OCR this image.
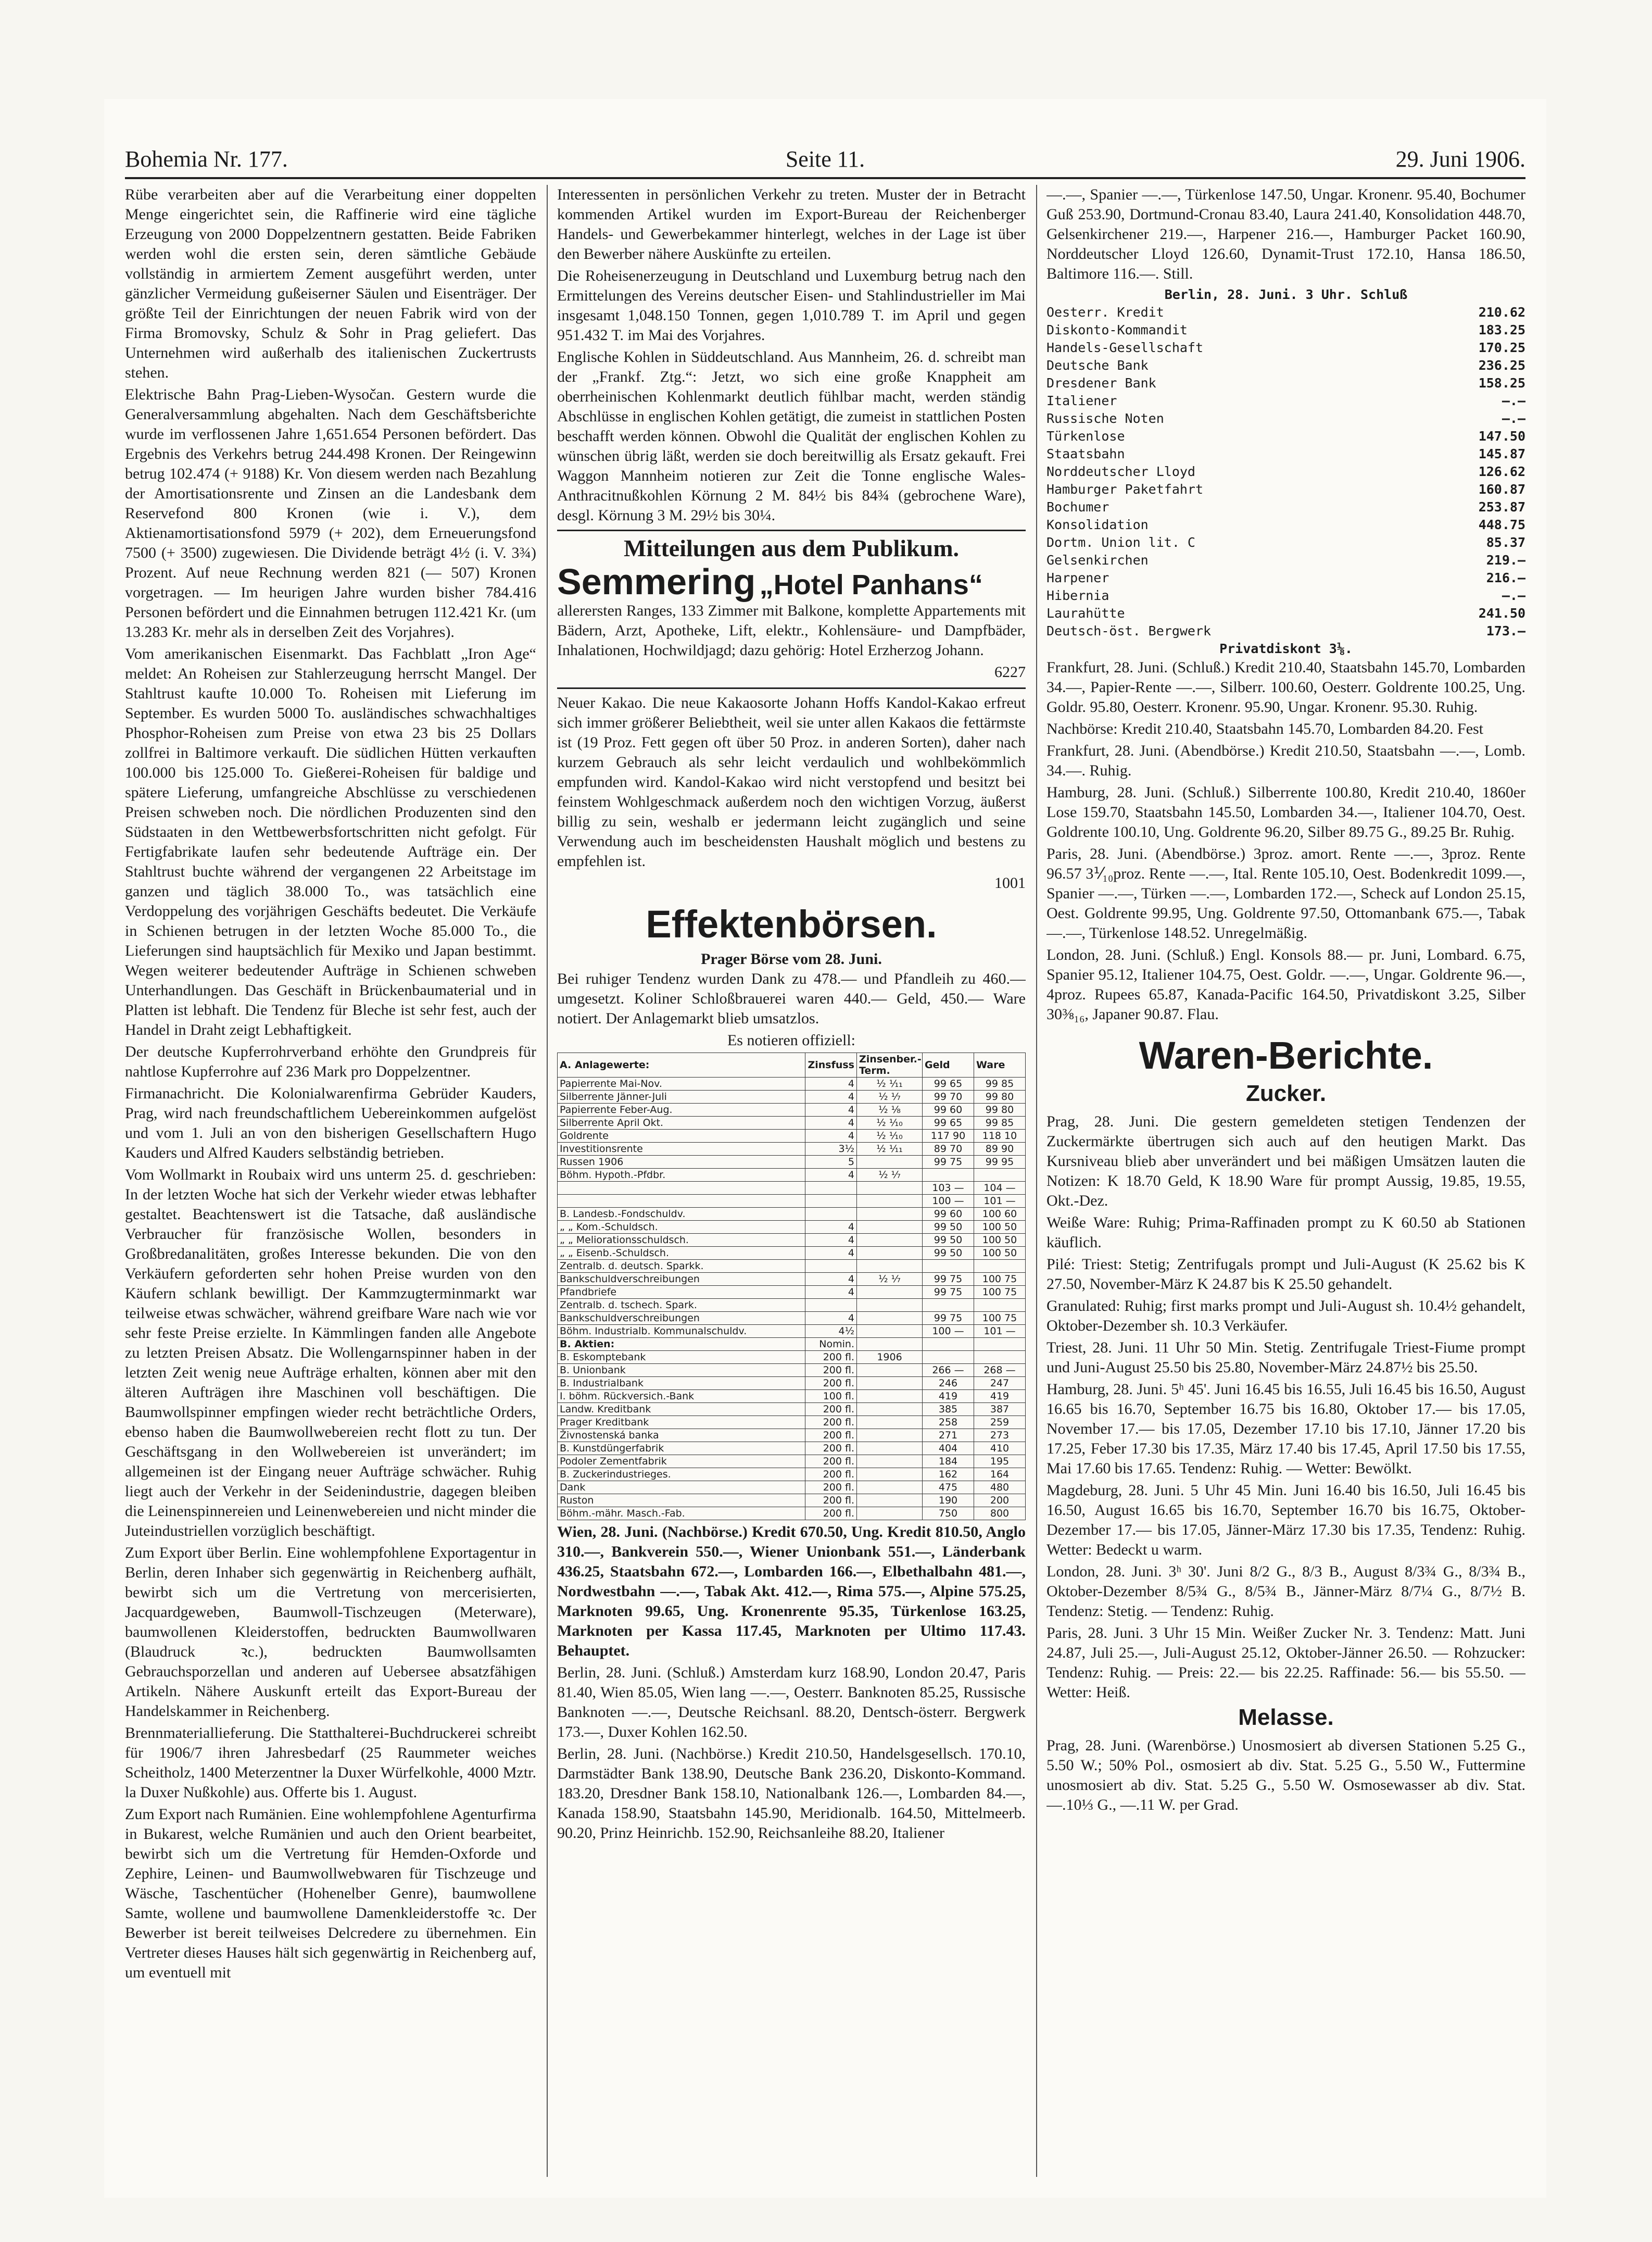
Bohemia Nr. 177.	Seite 11.	29. Juni 1906.

Rübe verarbeiten aber auf die Verarbeitung einer doppelten Menge eingerichtet sein, die Raffinerie wird eine tägliche Erzeugung von 2000 Doppelzentnern gestatten. Beide Fabriken werden wohl die ersten sein, deren sämtliche Gebäude vollständig in armiertem Zement ausgeführt werden, unter gänzlicher Vermeidung gußeiserner Säulen und Eisenträger. Der größte Teil der Einrichtungen der neuen Fabrik wird von der Firma Bromovsky, Schulz & Sohr in Prag geliefert. Das Unternehmen wird außerhalb des italienischen Zuckertrusts stehen.

Elektrische Bahn Prag-Lieben-Wysočan. Gestern wurde die Generalversammlung abgehalten. Nach dem Geschäftsberichte wurde im verflossenen Jahre 1,651.654 Personen befördert. Das Ergebnis des Verkehrs betrug 244.498 Kronen. Der Reingewinn betrug 102.474 (+ 9188) Kr. Von diesem werden nach Bezahlung der Amortisationsrente und Zinsen an die Landesbank dem Reservefond 800 Kronen (wie i. V.), dem Aktienamortisationsfond 5979 (+ 202), dem Erneuerungsfond 7500 (+ 3500) zugewiesen. Die Dividende beträgt 4½ (i. V. 3¾) Prozent. Auf neue Rechnung werden 821 (— 507) Kronen vorgetragen. — Im heurigen Jahre wurden bisher 784.416 Personen befördert und die Einnahmen betrugen 112.421 Kr. (um 13.283 Kr. mehr als in derselben Zeit des Vorjahres).

Vom amerikanischen Eisenmarkt. Das Fachblatt „Iron Age“ meldet: An Roheisen zur Stahlerzeugung herrscht Mangel. Der Stahltrust kaufte 10.000 To. Roheisen mit Lieferung im September. Es wurden 5000 To. ausländisches schwachhaltiges Phosphor-Roheisen zum Preise von etwa 23 bis 25 Dollars zollfrei in Baltimore verkauft. Die südlichen Hütten verkauften 100.000 bis 125.000 To. Gießerei-Roheisen für baldige und spätere Lieferung, umfangreiche Abschlüsse zu verschiedenen Preisen schweben noch. Die nördlichen Produzenten sind den Südstaaten in den Wettbewerbsfortschritten nicht gefolgt. Für Fertigfabrikate laufen sehr bedeutende Aufträge ein. Der Stahltrust buchte während der vergangenen 22 Arbeitstage im ganzen und täglich 38.000 To., was tatsächlich eine Verdoppelung des vorjährigen Geschäfts bedeutet. Die Verkäufe in Schienen betrugen in der letzten Woche 85.000 To., die Lieferungen sind hauptsächlich für Mexiko und Japan bestimmt. Wegen weiterer bedeutender Aufträge in Schienen schweben Unterhandlungen. Das Geschäft in Brückenbaumaterial und in Platten ist lebhaft. Die Tendenz für Bleche ist sehr fest, auch der Handel in Draht zeigt Lebhaftigkeit.

Der deutsche Kupferrohrverband erhöhte den Grundpreis für nahtlose Kupferrohre auf 236 Mark pro Doppelzentner.

Firmanachricht. Die Kolonialwarenfirma Gebrüder Kauders, Prag, wird nach freundschaftlichem Uebereinkommen aufgelöst und vom 1. Juli an von den bisherigen Gesellschaftern Hugo Kauders und Alfred Kauders selbständig betrieben.

Vom Wollmarkt in Roubaix wird uns unterm 25. d. geschrieben: In der letzten Woche hat sich der Verkehr wieder etwas lebhafter gestaltet. Beachtenswert ist die Tatsache, daß ausländische Verbraucher für französische Wollen, besonders in Großbredanalitäten, großes Interesse bekunden. Die von den Verkäufern geforderten sehr hohen Preise wurden von den Käufern schlank bewilligt. Der Kammzugterminmarkt war teilweise etwas schwächer, während greifbare Ware nach wie vor sehr feste Preise erzielte. In Kämmlingen fanden alle Angebote zu letzten Preisen Absatz. Die Wollengarnspinner haben in der letzten Zeit wenig neue Aufträge erhalten, können aber mit den älteren Aufträgen ihre Maschinen voll beschäftigen. Die Baumwollspinner empfingen wieder recht beträchtliche Orders, ebenso haben die Baumwollwebereien recht flott zu tun. Der Geschäftsgang in den Wollwebereien ist unverändert; im allgemeinen ist der Eingang neuer Aufträge schwächer. Ruhig liegt auch der Verkehr in der Seidenindustrie, dagegen bleiben die Leinenspinnereien und Leinenwebereien und nicht minder die Juteindustriellen vorzüglich beschäftigt.

Zum Export über Berlin. Eine wohlempfohlene Exportagentur in Berlin, deren Inhaber sich gegenwärtig in Reichenberg aufhält, bewirbt sich um die Vertretung von mercerisierten, Jacquardgeweben, Baumwoll-Tischzeugen (Meterware), baumwollenen Kleiderstoffen, bedruckten Baumwollwaren (Blaudruck ꝛc.), bedruckten Baumwollsamten Gebrauchsporzellan und anderen auf Uebersee absatzfähigen Artikeln. Nähere Auskunft erteilt das Export-Bureau der Handelskammer in Reichenberg.

Brennmateriallieferung. Die Statthalterei-Buchdruckerei schreibt für 1906/7 ihren Jahresbedarf (25 Raummeter weiches Scheitholz, 1400 Meterzentner la Duxer Würfelkohle, 4000 Mztr. la Duxer Nußkohle) aus. Offerte bis 1. August.

Zum Export nach Rumänien. Eine wohlempfohlene Agenturfirma in Bukarest, welche Rumänien und auch den Orient bearbeitet, bewirbt sich um die Vertretung für Hemden-Oxforde und Zephire, Leinen- und Baumwollwebwaren für Tischzeuge und Wäsche, Taschentücher (Hohenelber Genre), baumwollene Samte, wollene und baumwollene Damenkleiderstoffe ꝛc. Der Bewerber ist bereit teilweises Delcredere zu übernehmen. Ein Vertreter dieses Hauses hält sich gegenwärtig in Reichenberg auf, um eventuell mit

Interessenten in persönlichen Verkehr zu treten. Muster der in Betracht kommenden Artikel wurden im Export-Bureau der Reichenberger Handels- und Gewerbekammer hinterlegt, welches in der Lage ist über den Bewerber nähere Auskünfte zu erteilen.

Die Roheisenerzeugung in Deutschland und Luxemburg betrug nach den Ermittelungen des Vereins deutscher Eisen- und Stahlindustrieller im Mai insgesamt 1,048.150 Tonnen, gegen 1,010.789 T. im April und gegen 951.432 T. im Mai des Vorjahres.

Englische Kohlen in Süddeutschland. Aus Mannheim, 26. d. schreibt man der „Frankf. Ztg.“: Jetzt, wo sich eine große Knappheit am oberrheinischen Kohlenmarkt deutlich fühlbar macht, werden ständig Abschlüsse in englischen Kohlen getätigt, die zumeist in stattlichen Posten beschafft werden können. Obwohl die Qualität der englischen Kohlen zu wünschen übrig läßt, werden sie doch bereitwillig als Ersatz gekauft. Frei Waggon Mannheim notieren zur Zeit die Tonne englische Wales-Anthracitnußkohlen Körnung 2 M. 84½ bis 84¾ (gebrochene Ware), desgl. Körnung 3 M. 29½ bis 30¼.

Mitteilungen aus dem Publikum.
Semmering „Hotel Panhans“

allerersten Ranges, 133 Zimmer mit Balkone, komplette Appartements mit Bädern, Arzt, Apotheke, Lift, elektr., Kohlensäure- und Dampfbäder, Inhalationen, Hochwildjagd; dazu gehörig: Hotel Erzherzog Johann.

6227

Neuer Kakao. Die neue Kakaosorte Johann Hoffs Kandol-Kakao erfreut sich immer größerer Beliebtheit, weil sie unter allen Kakaos die fettärmste ist (19 Proz. Fett gegen oft über 50 Proz. in anderen Sorten), daher nach kurzem Gebrauch als sehr leicht verdaulich und wohlbekömmlich empfunden wird. Kandol-Kakao wird nicht verstopfend und besitzt bei feinstem Wohlgeschmack außerdem noch den wichtigen Vorzug, äußerst billig zu sein, weshalb er jedermann leicht zugänglich und seine Verwendung auch im bescheidensten Haushalt möglich und bestens zu empfehlen ist.

1001

Effektenbörsen.
Prager Börse vom 28. Juni.

Bei ruhiger Tendenz wurden Dank zu 478.— und Pfandleih zu 460.— umgesetzt. Koliner Schloßbrauerei waren 440.— Geld, 450.— Ware notiert. Der Anlagemarkt blieb umsatzlos.

Es notieren offiziell:
A. Anlagewerte:	Zinsfuss	Zinsenber.-Term.	Geld	Ware
Papierrente Mai-Nov.	4	½ ⅟₁₁	99 65	99 85
Silberrente Jänner-Juli	4	½ ⅟₇	99 70	99 80
Papierrente Feber-Aug.	4	½ ⅟₈	99 60	99 80
Silberrente April Okt.	4	½ ⅟₁₀	99 65	99 85
Goldrente	4	½ ⅟₁₀	117 90	118 10
Investitionsrente	3½	½ ⅟₁₁	89 70	89 90
Russen 1906	5		99 75	99 95
Böhm. Hypoth.-Pfdbr.	4	½ ⅟₇		
			103 —	104 —
			100 —	101 —
B. Landesb.-Fondschuldv.			99 60	100 60
„ „ Kom.-Schuldsch.	4		99 50	100 50
„ „ Meliorationsschuldsch.	4		99 50	100 50
„ „ Eisenb.-Schuldsch.	4		99 50	100 50
Zentralb. d. deutsch. Sparkk.				
Bankschuldverschreibungen	4	½ ⅟₇	99 75	100 75
Pfandbriefe	4		99 75	100 75
Zentralb. d. tschech. Spark.				
Bankschuldverschreibungen	4		99 75	100 75
Böhm. Industrialb. Kommunalschuldv.	4½		100 —	101 —
B. Aktien:	Nomin.			
B. Eskomptebank	200 fl.	1906		
B. Unionbank	200 fl.		266 —	268 —
B. Industrialbank	200 fl.		246	247
I. böhm. Rückversich.-Bank	100 fl.		419	419
Landw. Kreditbank	200 fl.		385	387
Prager Kreditbank	200 fl.		258	259
Živnostenská banka	200 fl.		271	273
B. Kunstdüngerfabrik	200 fl.		404	410
Podoler Zementfabrik	200 fl.		184	195
B. Zuckerindustrieges.	200 fl.		162	164
Dank	200 fl.		475	480
Ruston	200 fl.		190	200
Böhm.-mähr. Masch.-Fab.	200 fl.		750	800

Wien, 28. Juni. (Nachbörse.) Kredit 670.50, Ung. Kredit 810.50, Anglo 310.—, Bankverein 550.—, Wiener Unionbank 551.—, Länderbank 436.25, Staatsbahn 672.—, Lombarden 166.—, Elbethalbahn 481.—, Nordwestbahn —.—, Tabak Akt. 412.—, Rima 575.—, Alpine 575.25, Marknoten 99.65, Ung. Kronenrente 95.35, Türkenlose 163.25, Marknoten per Kassa 117.45, Marknoten per Ultimo 117.43. Behauptet.

Berlin, 28. Juni. (Schluß.) Amsterdam kurz 168.90, London 20.47, Paris 81.40, Wien 85.05, Wien lang —.—, Oesterr. Banknoten 85.25, Russische Banknoten —.—, Deutsche Reichsanl. 88.20, Dentsch-österr. Bergwerk 173.—, Duxer Kohlen 162.50.

Berlin, 28. Juni. (Nachbörse.) Kredit 210.50, Handelsgesellsch. 170.10, Darmstädter Bank 138.90, Deutsche Bank 236.20, Diskonto-Kommand. 183.20, Dresdner Bank 158.10, Nationalbank 126.—, Lombarden 84.—, Kanada 158.90, Staatsbahn 145.90, Meridionalb. 164.50, Mittelmeerb. 90.20, Prinz Heinrichb. 152.90, Reichsanleihe 88.20, Italiener

—.—, Spanier —.—, Türkenlose 147.50, Ungar. Kronenr. 95.40, Bochumer Guß 253.90, Dortmund-Cronau 83.40, Laura 241.40, Konsolidation 448.70, Gelsenkirchener 219.—, Harpener 216.—, Hamburger Packet 160.90, Norddeutscher Lloyd 126.60, Dynamit-Trust 172.10, Hansa 186.50, Baltimore 116.—. Still.

Berlin, 28. Juni. 3 Uhr. Schluß
Oesterr. Kredit	210.62
Diskonto-Kommandit	183.25
Handels-Gesellschaft	170.25
Deutsche Bank	236.25
Dresdener Bank	158.25
Italiener	—.—
Russische Noten	—.—
Türkenlose	147.50
Staatsbahn	145.87
Norddeutscher Lloyd	126.62
Hamburger Paketfahrt	160.87
Bochumer	253.87
Konsolidation	448.75
Dortm. Union lit. C	85.37
Gelsenkirchen	219.—
Harpener	216.—
Hibernia	—.—
Laurahütte	241.50
Deutsch-öst. Bergwerk	173.—
Privatdiskont 3⅛.

Frankfurt, 28. Juni. (Schluß.) Kredit 210.40, Staatsbahn 145.70, Lombarden 34.—, Papier-Rente —.—, Silberr. 100.60, Oesterr. Goldrente 100.25, Ung. Goldr. 95.80, Oesterr. Kronenr. 95.90, Ungar. Kronenr. 95.30. Ruhig.

Nachbörse: Kredit 210.40, Staatsbahn 145.70, Lombarden 84.20. Fest

Frankfurt, 28. Juni. (Abendbörse.) Kredit 210.50, Staatsbahn —.—, Lomb. 34.—. Ruhig.

Hamburg, 28. Juni. (Schluß.) Silberrente 100.80, Kredit 210.40, 1860er Lose 159.70, Staatsbahn 145.50, Lombarden 34.—, Italiener 104.70, Oest. Goldrente 100.10, Ung. Goldrente 96.20, Silber 89.75 G., 89.25 Br. Ruhig.

Paris, 28. Juni. (Abendbörse.) 3proz. amort. Rente —.—, 3proz. Rente 96.57 3⅟₁₀proz. Rente —.—, Ital. Rente 105.10, Oest. Bodenkredit 1099.—, Spanier —.—, Türken —.—, Lombarden 172.—, Scheck auf London 25.15, Oest. Goldrente 99.95, Ung. Goldrente 97.50, Ottomanbank 675.—, Tabak —.—, Türkenlose 148.52. Unregelmäßig.

London, 28. Juni. (Schluß.) Engl. Konsols 88.— pr. Juni, Lombard. 6.75, Spanier 95.12, Italiener 104.75, Oest. Goldr. —.—, Ungar. Goldrente 96.—, 4proz. Rupees 65.87, Kanada-Pacific 164.50, Privatdiskont 3.25, Silber 30⅜₁₆, Japaner 90.87. Flau.

Waren-Berichte.
Zucker.

Prag, 28. Juni. Die gestern gemeldeten stetigen Tendenzen der Zuckermärkte übertrugen sich auch auf den heutigen Markt. Das Kursniveau blieb aber unverändert und bei mäßigen Umsätzen lauten die Notizen: K 18.70 Geld, K 18.90 Ware für prompt Aussig, 19.85, 19.55, Okt.-Dez.

Weiße Ware: Ruhig; Prima-Raffinaden prompt zu K 60.50 ab Stationen käuflich.

Pilé: Triest: Stetig; Zentrifugals prompt und Juli-August (K 25.62 bis K 27.50, November-März K 24.87 bis K 25.50 gehandelt.

Granulated: Ruhig; first marks prompt und Juli-August sh. 10.4½ gehandelt, Oktober-Dezember sh. 10.3 Verkäufer.

Triest, 28. Juni. 11 Uhr 50 Min. Stetig. Zentrifugale Triest-Fiume prompt und Juni-August 25.50 bis 25.80, November-März 24.87½ bis 25.50.

Hamburg, 28. Juni. 5ʰ 45'. Juni 16.45 bis 16.55, Juli 16.45 bis 16.50, August 16.65 bis 16.70, September 16.75 bis 16.80, Oktober 17.— bis 17.05, November 17.— bis 17.05, Dezember 17.10 bis 17.10, Jänner 17.20 bis 17.25, Feber 17.30 bis 17.35, März 17.40 bis 17.45, April 17.50 bis 17.55, Mai 17.60 bis 17.65. Tendenz: Ruhig. — Wetter: Bewölkt.

Magdeburg, 28. Juni. 5 Uhr 45 Min. Juni 16.40 bis 16.50, Juli 16.45 bis 16.50, August 16.65 bis 16.70, September 16.70 bis 16.75, Oktober-Dezember 17.— bis 17.05, Jänner-März 17.30 bis 17.35, Tendenz: Ruhig. Wetter: Bedeckt u warm.

London, 28. Juni. 3ʰ 30'. Juni 8/2 G., 8/3 B., August 8/3¾ G., 8/3¾ B., Oktober-Dezember 8/5¾ G., 8/5¾ B., Jänner-März 8/7¼ G., 8/7½ B. Tendenz: Stetig. — Tendenz: Ruhig.

Paris, 28. Juni. 3 Uhr 15 Min. Weißer Zucker Nr. 3. Tendenz: Matt. Juni 24.87, Juli 25.—, Juli-August 25.12, Oktober-Jänner 26.50. — Rohzucker: Tendenz: Ruhig. — Preis: 22.— bis 22.25. Raffinade: 56.— bis 55.50. — Wetter: Heiß.

Melasse.

Prag, 28. Juni. (Warenbörse.) Unosmosiert ab diversen Stationen 5.25 G., 5.50 W.; 50% Pol., osmosiert ab div. Stat. 5.25 G., 5.50 W., Futtermine unosmosiert ab div. Stat. 5.25 G., 5.50 W. Osmosewasser ab div. Stat. —.10⅓ G., —.11 W. per Grad.
